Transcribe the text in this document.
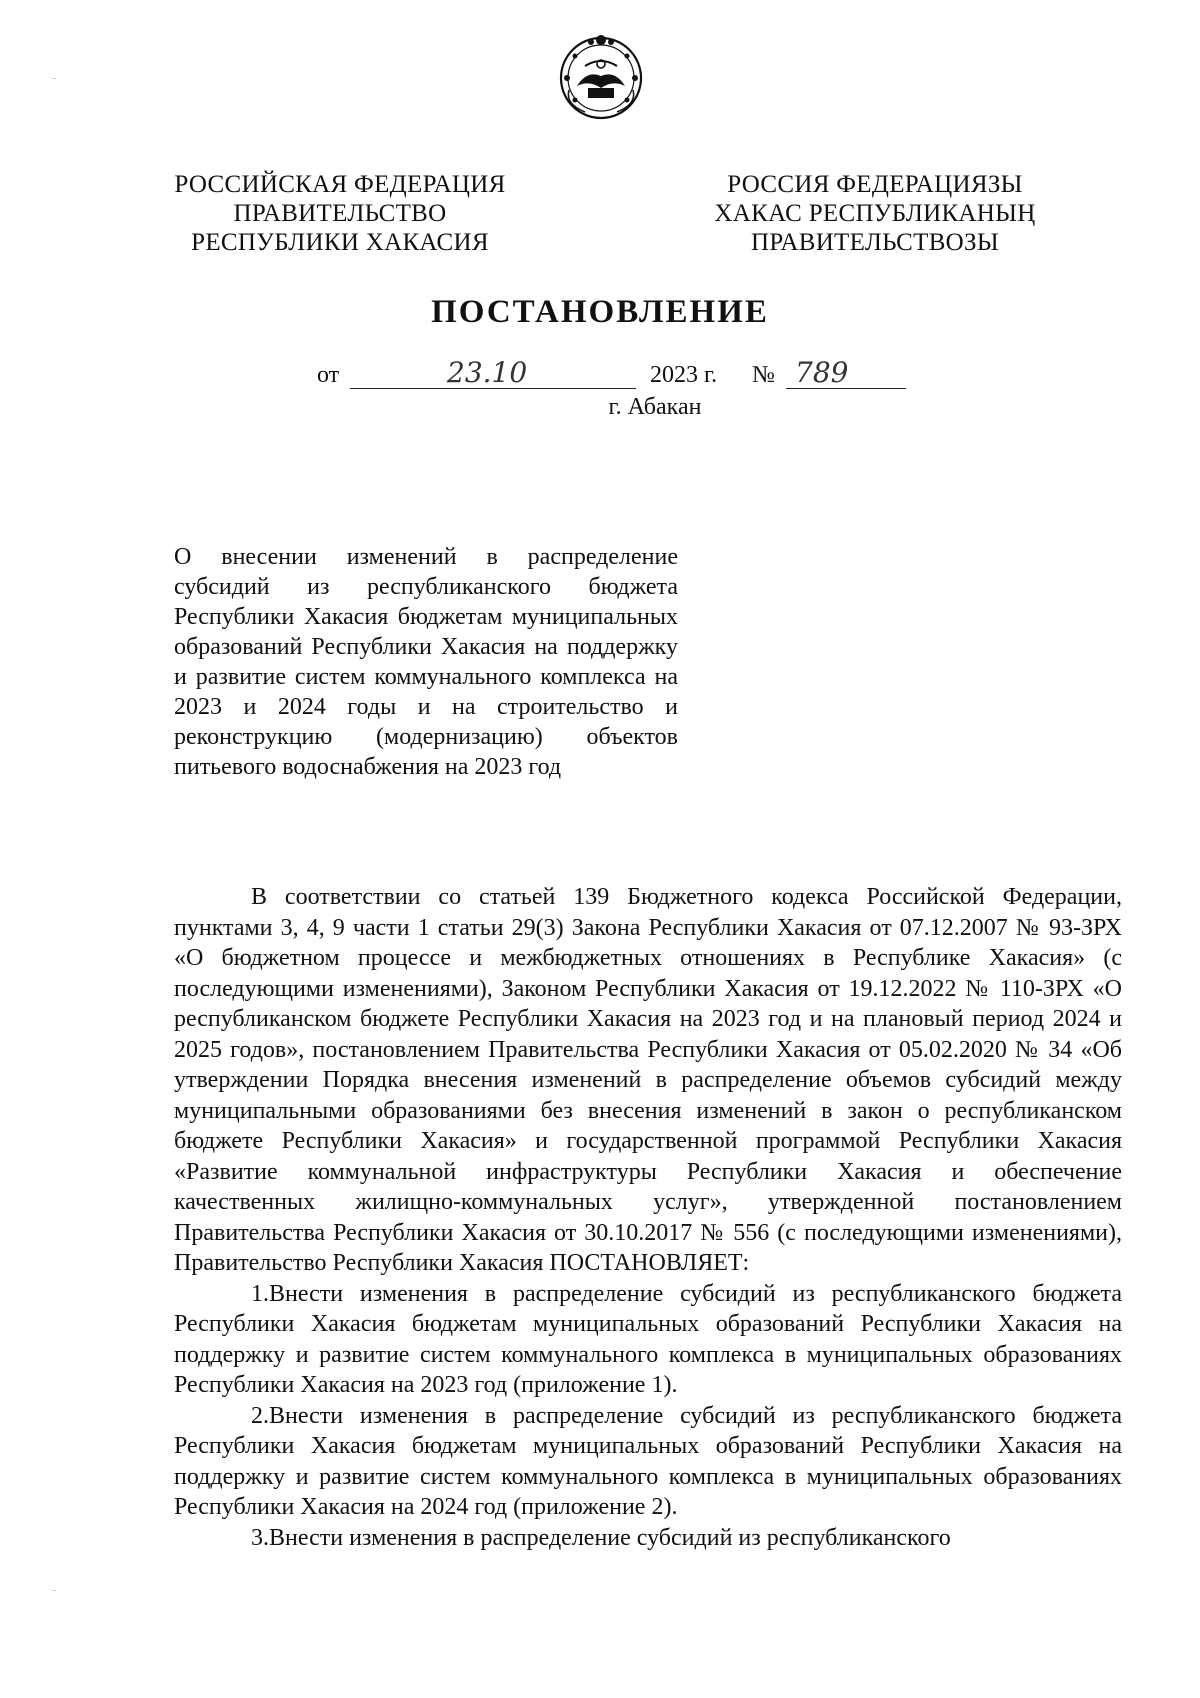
РОССИЙСКАЯ ФЕДЕРАЦИЯ
ПРАВИТЕЛЬСТВО
РЕСПУБЛИКИ ХАКАСИЯ
РОССИЯ ФЕДЕРАЦИЯЗЫ
ХАКАС РЕСПУБЛИКАНЫҢ
ПРАВИТЕЛЬСТВОЗЫ
ПОСТАНОВЛЕНИЕ
от	23.10	2023 г. № 789
г. Абакан
О внесении изменений в распределение субсидий из республиканского бюджета Республики Хакасия бюджетам муниципальных образований Республики Хакасия на поддержку и развитие систем коммунального комплекса на 2023 и 2024 годы и на строительство и реконструкцию (модернизацию) объектов питьевого водоснабжения на 2023 год

В соответствии со статьей 139 Бюджетного кодекса Российской Федерации, пунктами 3, 4, 9 части 1 статьи 29(3) Закона Республики Хакасия от 07.12.2007 № 93-ЗРХ «О бюджетном процессе и межбюджетных отношениях в Республике Хакасия» (с последующими изменениями), Законом Республики Хакасия от 19.12.2022 № 110-ЗРХ «О республиканском бюджете Республики Хакасия на 2023 год и на плановый период 2024 и 2025 годов», постановлением Правительства Республики Хакасия от 05.02.2020 № 34 «Об утверждении Порядка внесения изменений в распределение объемов субсидий между муниципальными образованиями без внесения изменений в закон о республиканском бюджете Республики Хакасия» и государственной программой Республики Хакасия «Развитие коммунальной инфраструктуры Республики Хакасия и обеспечение качественных жилищно-коммунальных услуг», утвержденной постановлением Правительства Республики Хакасия от 30.10.2017 № 556 (с последующими изменениями), Правительство Республики Хакасия ПОСТАНОВЛЯЕТ:

1.Внести изменения в распределение субсидий из республиканского бюджета Республики Хакасия бюджетам муниципальных образований Республики Хакасия на поддержку и развитие систем коммунального комплекса в муниципальных образованиях Республики Хакасия на 2023 год (приложение 1).

2.Внести изменения в распределение субсидий из республиканского бюджета Республики Хакасия бюджетам муниципальных образований Республики Хакасия на поддержку и развитие систем коммунального комплекса в муниципальных образованиях Республики Хакасия на 2024 год (приложение 2).

3.Внести изменения в распределение субсидий из республиканского
